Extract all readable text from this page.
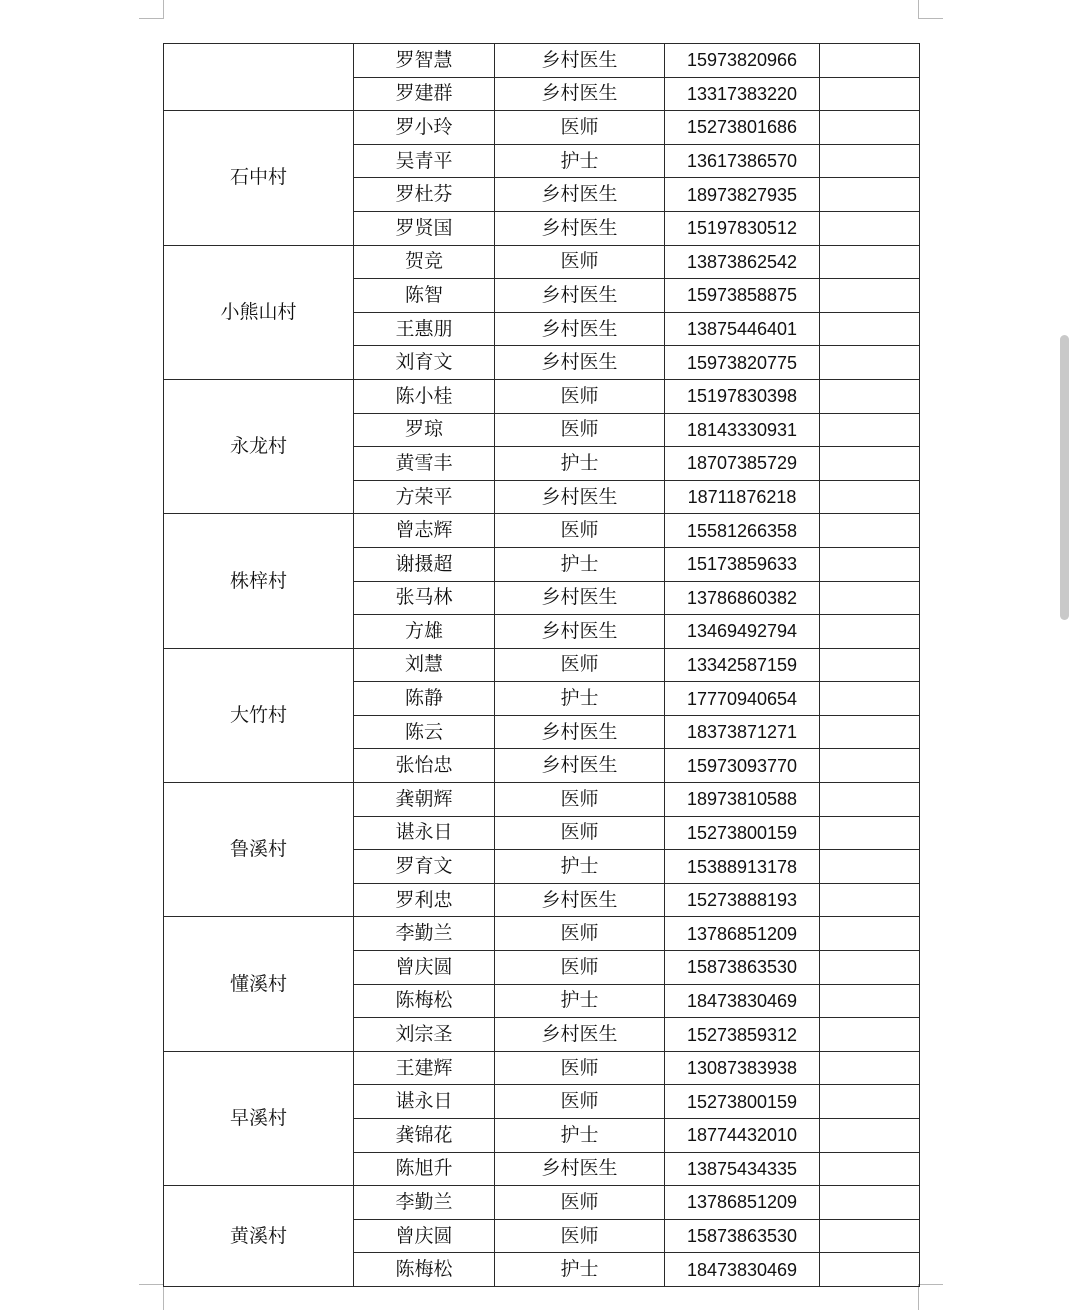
	罗智慧	乡村医生	15973820966	
	罗建群	乡村医生	13317383220	
石中村	罗小玲	医师	15273801686	
	吴青平	护士	13617386570	
	罗杜芬	乡村医生	18973827935	
	罗贤国	乡村医生	15197830512	
小熊山村	贺竞	医师	13873862542	
	陈智	乡村医生	15973858875	
	王惠朋	乡村医生	13875446401	
	刘育文	乡村医生	15973820775	
永龙村	陈小桂	医师	15197830398	
	罗琼	医师	18143330931	
	黄雪丰	护士	18707385729	
	方荣平	乡村医生	18711876218	
株梓村	曾志辉	医师	15581266358	
	谢摄超	护士	15173859633	
	张马林	乡村医生	13786860382	
	方雄	乡村医生	13469492794	
大竹村	刘慧	医师	13342587159	
	陈静	护士	17770940654	
	陈云	乡村医生	18373871271	
	张怡忠	乡村医生	15973093770	
鲁溪村	龚朝辉	医师	18973810588	
	谌永日	医师	15273800159	
	罗育文	护士	15388913178	
	罗利忠	乡村医生	15273888193	
懂溪村	李勤兰	医师	13786851209	
	曾庆圆	医师	15873863530	
	陈梅松	护士	18473830469	
	刘宗圣	乡村医生	15273859312	
早溪村	王建辉	医师	13087383938	
	谌永日	医师	15273800159	
	龚锦花	护士	18774432010	
	陈旭升	乡村医生	13875434335	
黄溪村	李勤兰	医师	13786851209	
	曾庆圆	医师	15873863530	
	陈梅松	护士	18473830469	
